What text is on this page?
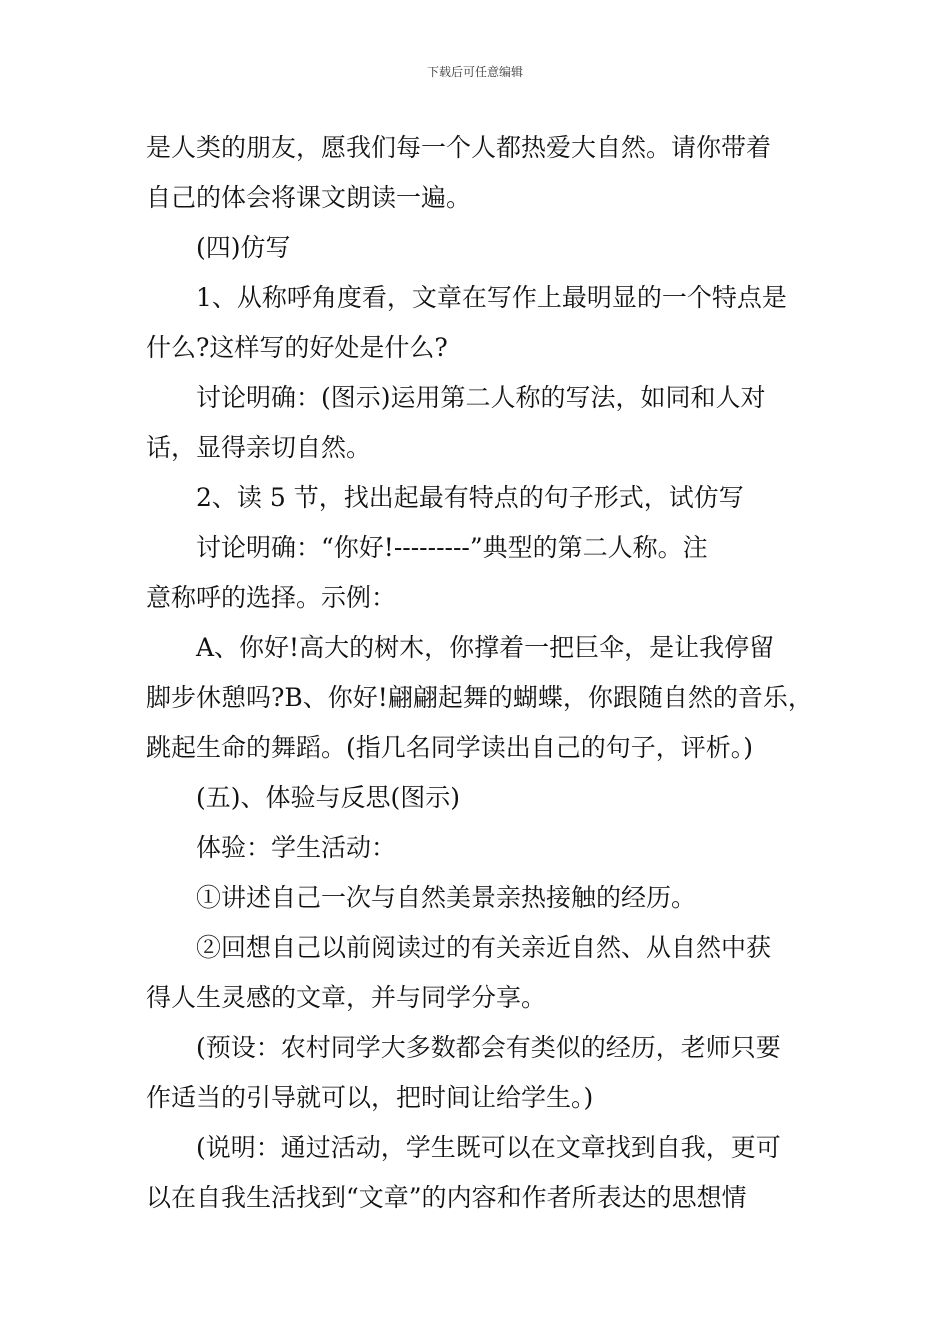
下载后可任意编辑
是人类的朋友，愿我们每一个人都热爱大自然。请你带着
自己的体会将课文朗读一遍。
(四)仿写
1、从称呼角度看，文章在写作上最明显的一个特点是
什么?这样写的好处是什么?
讨论明确：(图示)运用第二人称的写法，如同和人对
话，显得亲切自然。
2、读 5 节，找出起最有特点的句子形式，试仿写
讨论明确：“你好!---------”典型的第二人称。注
意称呼的选择。示例：
A、你好!高大的树木，你撑着一把巨伞，是让我停留
脚步休憩吗?B、你好!翩翩起舞的蝴蝶，你跟随自然的音乐，
跳起生命的舞蹈。(指几名同学读出自己的句子，评析。)
(五)、体验与反思(图示)
体验：学生活动：
①讲述自己一次与自然美景亲热接触的经历。
②回想自己以前阅读过的有关亲近自然、从自然中获
得人生灵感的文章，并与同学分享。
(预设：农村同学大多数都会有类似的经历，老师只要
作适当的引导就可以，把时间让给学生。)
(说明：通过活动，学生既可以在文章找到自我，更可
以在自我生活找到“文章”的内容和作者所表达的思想情
